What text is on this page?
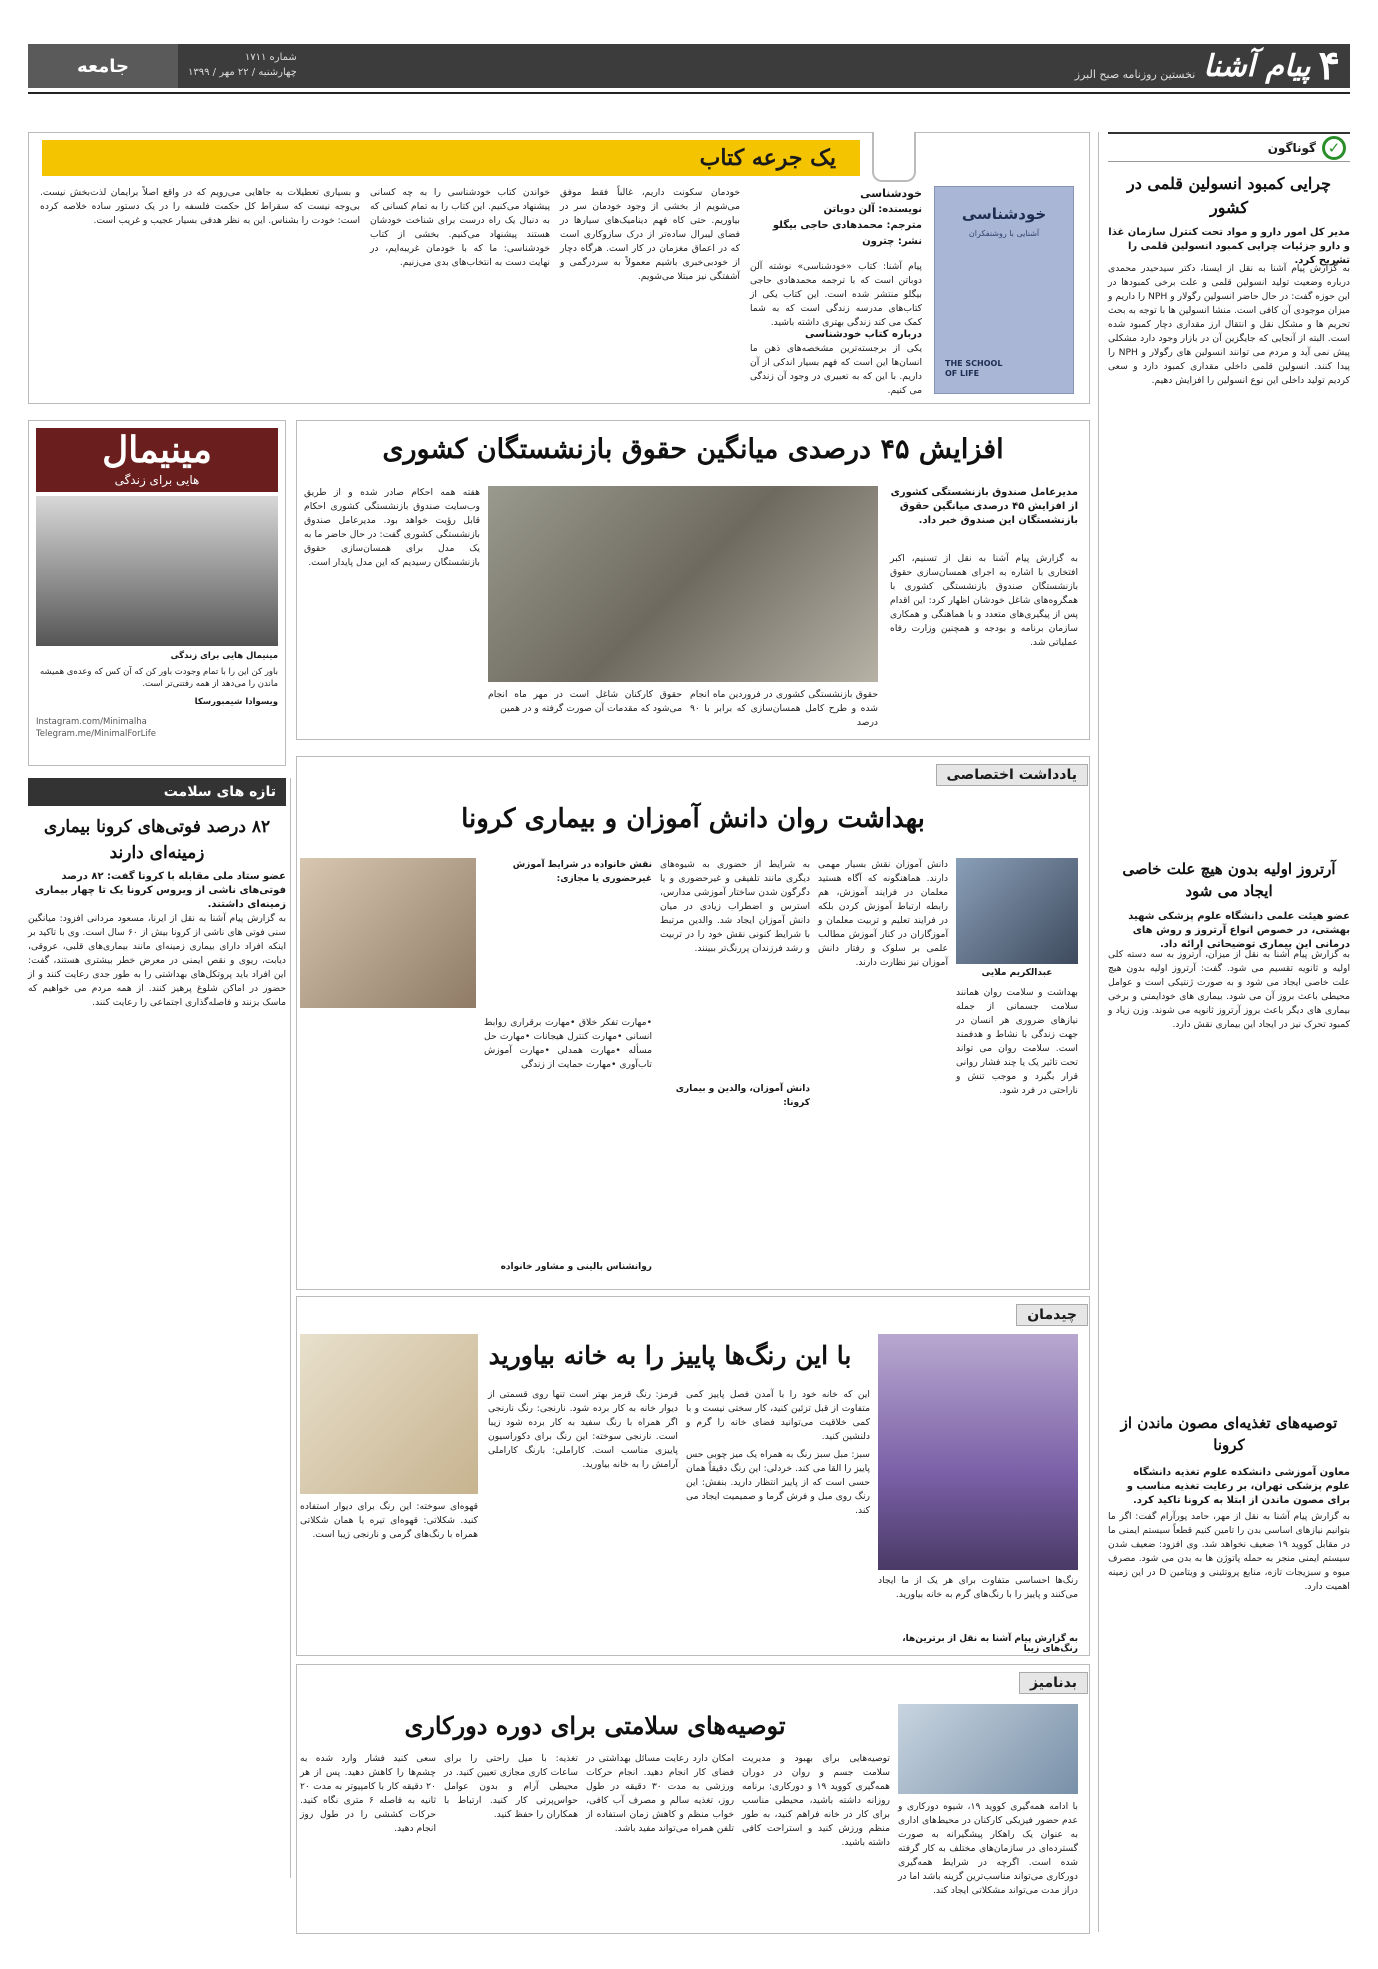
۴
پیام آشنا
نخستین روزنامه صبح البرز
شماره ۱۷۱۱
چهارشنبه / ۲۲ مهر / ۱۳۹۹
جامعه
✓
گوناگون
چرایی کمبود انسولین قلمی در کشور
مدیر کل امور دارو و مواد تحت کنترل سازمان غذا و دارو جزئیات چرایی کمبود انسولین قلمی را تشریح کرد.

به گزارش پیام آشنا به نقل از ایسنا، دکتر سیدحیدر محمدی درباره وضعیت تولید انسولین قلمی و علت برخی کمبودها در این حوزه گفت: در حال حاضر انسولین رگولار و NPH را داریم و میزان موجودی آن کافی است. منشا انسولین ها با توجه به بحث تحریم ها و مشکل نقل و انتقال ارز مقداری دچار کمبود شده است. البته از آنجایی که جایگزین آن در بازار وجود دارد مشکلی پیش نمی آید و مردم می توانند انسولین های رگولار و NPH را پیدا کنند. انسولین قلمی داخلی مقداری کمبود دارد و سعی کردیم تولید داخلی این نوع انسولین را افزایش دهیم.

آرتروز اولیه بدون هیچ علت خاصی ایجاد می شود
عضو هیئت علمی دانشگاه علوم پزشکی شهید بهشتی، در خصوص انواع آرتروز و روش های درمانی این بیماری توضیحاتی ارائه داد.

به گزارش پیام آشنا به نقل از میزان، آرتروز به سه دسته کلی اولیه و ثانویه تقسیم می شود. گفت: آرتروز اولیه بدون هیچ علت خاصی ایجاد می شود و به صورت ژنتیکی است و عوامل محیطی باعث بروز آن می شود. بیماری های خودایمنی و برخی بیماری های دیگر باعث بروز آرتروز ثانویه می شوند. وزن زیاد و کمبود تحرک نیز در ایجاد این بیماری نقش دارد.

توصیه‌های تغذیه‌ای مصون ماندن از کرونا
معاون آموزشی دانشکده علوم تغذیه دانشگاه علوم پزشکی تهران، بر رعایت تغذیه مناسب و برای مصون ماندن از ابتلا به کرونا تاکید کرد.

به گزارش پیام آشنا به نقل از مهر، حامد پورآرام گفت: اگر ما بتوانیم نیازهای اساسی بدن را تامین کنیم قطعاً سیستم ایمنی ما در مقابل کووید ۱۹ ضعیف نخواهد شد. وی افزود: ضعیف شدن سیستم ایمنی منجر به حمله پاتوژن ها به بدن می شود. مصرف میوه و سبزیجات تازه، منابع پروتئینی و ویتامین D در این زمینه اهمیت دارد.

یک جرعه کتاب
خودشناسی
آشنایی با روشنفکران
THE SCHOOL OF LIFE
خودشناسی
نویسنده: آلن دوباتن
مترجم: محمدهادی حاجی بیگلو
نشر: چترون
پیام آشنا: کتاب «خودشناسی» نوشته آلن دوباتن است که با ترجمه محمدهادی حاجی بیگلو منتشر شده است. این کتاب یکی از کتاب‌های مدرسه زندگی است که به شما کمک می کند زندگی بهتری داشته باشید.
درباره کتاب خودشناسی
یکی از برجسته‌ترین مشخصه‌های ذهن ما انسان‌ها این است که فهم بسیار اندکی از آن داریم. با این که به تعبیری در وجود آن زندگی می کنیم.
خودمان سکونت داریم، غالباً فقط موفق می‌شویم از بخشی از وجود خودمان سر در بیاوریم. حتی کاه فهم دینامیک‌های سیار‌ها در فضای لیبرال ساده‌تر از درک سازوکاری است که در اعماق مغزمان در کار است. هرگاه دچار از خودبی‌خبری باشیم معمولاً به سردرگمی و آشفتگی نیز مبتلا می‌شویم.
خواندن کتاب خودشناسی را به چه کسانی پیشنهاد می‌کنیم. این کتاب را به تمام کسانی که به دنبال یک راه درست برای شناخت خودشان هستند پیشنهاد می‌کنیم. بخشی از کتاب خودشناسی: ما که با خودمان غریبه‌ایم، در نهایت دست به انتخاب‌های بدی می‌زنیم.
و بسیاری تعطیلات به جاهایی می‌رویم که در واقع اصلاً برایمان لذت‌بخش نیست. بی‌وجه نیست که سقراط کل حکمت فلسفه را در یک دستور ساده خلاصه کرده است: خودت را بشناس. این به نظر هدفی بسیار عجیب و غریب است.
مینیمال
هایی برای زندگی
مینیمال هایی برای زندگی
باور کن این را با تمام وجودت باور کن که آن کس که وعده‌ی همیشه ماندن را می‌دهد از همه رفتنی‌تر است.
ویسوادا شیمبورسکا
Instagram.com/Minimalha
Telegram.me/MinimalForLife
افزایش ۴۵ درصدی میانگین حقوق بازنشستگان کشوری
مدیرعامل صندوق بازنشستگی کشوری از افزایش ۴۵ درصدی میانگین حقوق بازنشستگان این صندوق خبر داد.
به گزارش پیام آشنا به نقل از تسنیم، اکبر افتخاری با اشاره به اجرای همسان‌سازی حقوق بازنشستگان صندوق بازنشستگی کشوری با همگروه‌های شاغل خودشان اظهار کرد: این اقدام پس از پیگیری‌های متعدد و با هماهنگی و همکاری سازمان برنامه و بودجه و همچنین وزارت رفاه عملیاتی شد.
حقوق بازنشستگی کشوری در فروردین ماه انجام شده و طرح کامل همسان‌سازی که برابر با ۹۰ درصد
حقوق کارکنان شاغل است در مهر ماه انجام می‌شود که مقدمات آن صورت گرفته و در همین
هفته همه احکام صادر شده و از طریق وب‌سایت صندوق بازنشستگی کشوری احکام قابل رؤیت خواهد بود. مدیرعامل صندوق بازنشستگی کشوری گفت: در حال حاضر ما به یک مدل برای همسان‌سازی حقوق بازنشستگان رسیدیم که این مدل پایدار است.
تازه های سلامت
۸۲ درصد فوتی‌های کرونا بیماری زمینه‌ای دارند
عضو ستاد ملی مقابله با کرونا گفت: ۸۲ درصد فوتی‌های ناشی از ویروس کرونا یک تا چهار بیماری زمینه‌ای داشتند.
به گزارش پیام آشنا به نقل از ایرنا، مسعود مردانی افزود: میانگین سنی فوتی های ناشی از کرونا بیش از ۶۰ سال است. وی با تاکید بر اینکه افراد دارای بیماری زمینه‌ای مانند بیماری‌های قلبی، عروقی، دیابت، ریوی و نقص ایمنی در معرض خطر بیشتری هستند، گفت: این افراد باید پروتکل‌های بهداشتی را به طور جدی رعایت کنند و از حضور در اماکن شلوغ پرهیز کنند. از همه مردم می خواهیم که ماسک بزنند و فاصله‌گذاری اجتماعی را رعایت کنند.
یادداشت اختصاصی
بهداشت روان دانش آموزان و بیماری کرونا
عبدالکریم ملایی
بهداشت و سلامت روان همانند سلامت جسمانی از جمله نیازهای ضروری هر انسان در جهت زندگی با نشاط و هدفمند است. سلامت روان می تواند تحت تاثیر یک یا چند فشار روانی قرار بگیرد و موجب تنش و ناراحتی در فرد شود.
دانش آموزان نقش بسیار مهمی دارند. هماهنگونه که آگاه هستید معلمان در فرایند آموزش، هم رابطه ارتباط آموزش کردن بلکه در فرایند تعلیم و تربیت معلمان و آموزگاران در کنار آموزش مطالب علمی بر سلوک و رفتار دانش آموزان نیز نظارت دارند.
به شرایط از حضوری به شیوه‌های دیگری مانند تلفیقی و غیرحضوری و یا دگرگون شدن ساختار آموزشی مدارس، استرس و اضطراب زیادی در میان دانش آموزان ایجاد شد. والدین مرتبط با شرایط کنونی نقش خود را در تربیت و رشد فرزندان پررنگ‌تر ببینند.
دانش آموزان، والدین و بیماری کرونا:
نقش خانواده در شرایط آموزش غیرحضوری یا مجازی:
•مهارت تفکر خلاق •مهارت برقراری روابط انسانی •مهارت کنترل هیجانات •مهارت حل مسأله •مهارت همدلی •مهارت آموزش تاب‌آوری •مهارت حمایت از زندگی
روانشناس بالینی و مشاور خانواده
چیدمان
با این رنگ‌ها پاییز را به خانه بیاورید
رنگ‌ها احساسی متفاوت برای هر یک از ما ایجاد می‌کنند و پاییز را با رنگ‌های گرم به خانه بیاورید.
به گزارش پیام آشنا به نقل از برترین‌ها، رنگ‌های زیبا

این که خانه خود را با آمدن فصل پاییز کمی متفاوت از قبل تزئین کنید، کار سختی نیست و با کمی خلاقیت می‌توانید فضای خانه را گرم و دلنشین کنید.

سبز: مبل سبز رنگ به همراه یک میز چوبی حس پاییز را القا می کند. خردلی: این رنگ دقیقاً همان حسی است که از پاییز انتظار دارید. بنفش: این رنگ روی مبل و فرش گرما و صمیمیت ایجاد می کند.

قرمز: رنگ قرمز بهتر است تنها روی قسمتی از دیوار خانه به کار برده شود. نارنجی: رنگ نارنجی اگر همراه با رنگ سفید به کار برده شود زیبا است. نارنجی سوخته: این رنگ برای دکوراسیون پاییزی مناسب است. کاراملی: بارنگ کاراملی آرامش را به خانه بیاورید.
قهوه‌ای سوخته: این رنگ برای دیوار استفاده کنید. شکلاتی: قهوه‌ای تیره یا همان شکلاتی همراه با رنگ‌های گرمی و نارنجی زیبا است.
بدنامیز
توصیه‌های سلامتی برای دوره دورکاری
با ادامه همه‌گیری کووید ۱۹، شیوه دورکاری و عدم حضور فیزیکی کارکنان در محیط‌های اداری به عنوان یک راهکار پیشگیرانه به صورت گسترده‌ای در سازمان‌های مختلف به کار گرفته شده است. اگرچه در شرایط همه‌گیری دورکاری می‌تواند مناسب‌ترین گزینه باشد اما در دراز مدت می‌تواند مشکلاتی ایجاد کند.
توصیه‌هایی برای بهبود و مدیریت سلامت جسم و روان در دوران همه‌گیری کووید ۱۹ و دورکاری: برنامه روزانه داشته باشید، محیطی مناسب برای کار در خانه فراهم کنید، به طور منظم ورزش کنید و استراحت کافی داشته باشید.
امکان دارد رعایت مسائل بهداشتی در فضای کار انجام دهید. انجام حرکات ورزشی به مدت ۳۰ دقیقه در طول روز، تغذیه سالم و مصرف آب کافی، خواب منظم و کاهش زمان استفاده از تلفن همراه می‌تواند مفید باشد.
تغذیه: با میل راحتی را برای ساعات کاری مجازی تعیین کنید. در محیطی آرام و بدون عوامل حواس‌پرتی کار کنید. ارتباط با همکاران را حفظ کنید.
سعی کنید فشار وارد شده به چشم‌ها را کاهش دهید. پس از هر ۲۰ دقیقه کار با کامپیوتر به مدت ۲۰ ثانیه به فاصله ۶ متری نگاه کنید. حرکات کششی را در طول روز انجام دهید.
